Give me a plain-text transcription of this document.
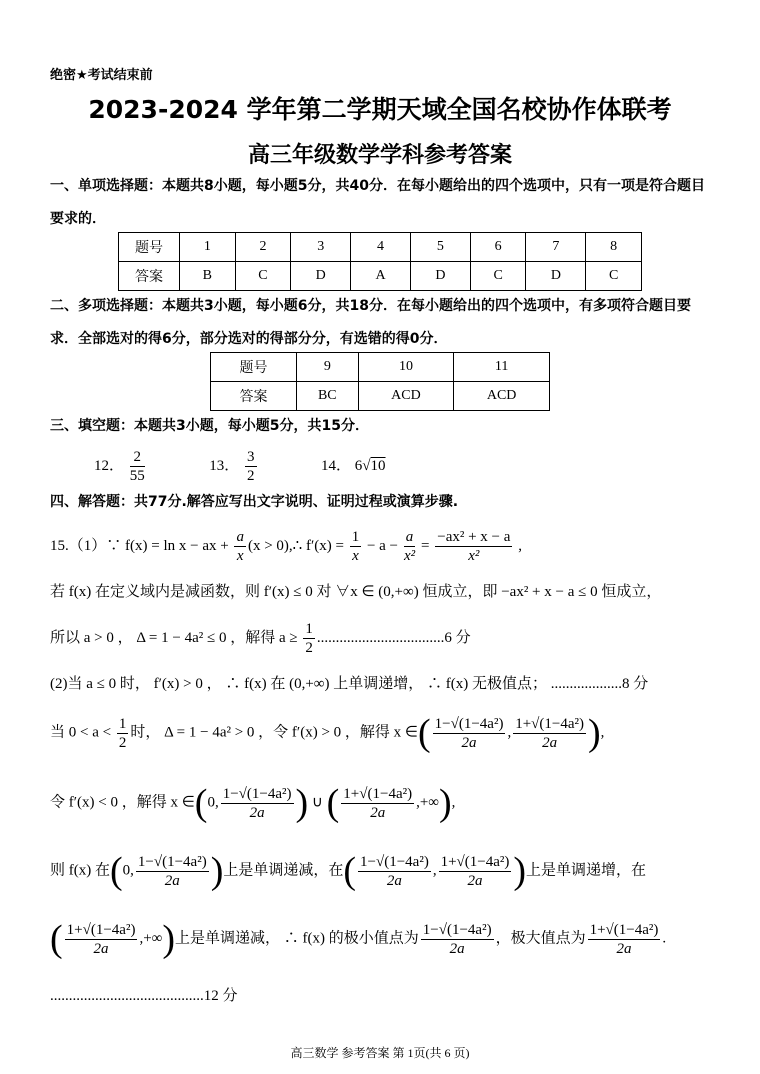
绝密★考试结束前
2023-2024 学年第二学期天域全国名校协作体联考
高三年级数学学科参考答案
一、单项选择题：本题共8小题，每小题5分，共40分．在每小题给出的四个选项中，只有一项是符合题目要求的．
题号	1	2	3	4	5	6	7	8
答案	B	C	D	A	D	C	D	C
二、多项选择题：本题共3小题，每小题6分，共18分．在每小题给出的四个选项中，有多项符合题目要求．全部选对的得6分，部分选对的得部分分，有选错的得0分．
题号	9	10	11
答案	BC	ACD	ACD
三、填空题：本题共3小题，每小题5分，共15分．
12． $\frac{2}{55}$	13． $\frac{3}{2}$	14． 6√10
四、解答题：共77分.解答应写出文字说明、证明过程或演算步骤.
15.（1）∵ f(x) = ln x − ax + $\frac{a}{x} (x$ > 0),∴ $f'(x) = \frac{1}{x} - a - \frac{a}{\text{x²}} = \frac{\text{−ax² + x − a}}{\text{x²}}$ ,
若 f(x) 在定义域内是减函数，则 f′(x) ≤ 0 对 ∀x ∈ (0,+∞) 恒成立，即 −ax² + x − a ≤ 0 恒成立，
所以 a > 0 ， Δ = 1 − 4a² ≤ 0 ，解得 $a \ge \frac{1}{2} ..................................6$ 分
(2)当 a ≤ 0 时， f′(x) > 0 ， ∴ f(x) 在 (0,+∞) 上单调递增， ∴ f(x) 无极值点； ...................8 分
当 $0 < a < \frac{1}{2}$ 时， Δ = 1 − 4a² > 0 ，令 f′(x) > 0 ，解得 x ∈( $\frac{\text{1−√(1−4a²)}}{2a}$ , $\frac{\text{1+√(1−4a²)}}{2a}$ ),
令 f′(x) < 0 ，解得 x ∈(0, $\frac{\text{1−√(1−4a²)}}{2a}$ ) ∪ ( $\frac{\text{1+√(1−4a²)}}{2a}$ ,+∞),
则 f(x) 在(0, $\frac{\text{1−√(1−4a²)}}{2a}$ )上是单调递减，在( $\frac{\text{1−√(1−4a²)}}{2a}$ , $\frac{\text{1+√(1−4a²)}}{2a}$ )上是单调递增，在
( $\frac{\text{1+√(1−4a²)}}{2a}$ ,+∞)上是单调递减， ∴ f(x) 的极小值点为 $\frac{\text{1−√(1−4a²)}}{2a}$ ，极大值点为 $\frac{\text{1+√(1−4a²)}}{2a}$ .
.........................................12 分
高三数学 参考答案 第 1页(共 6 页)
